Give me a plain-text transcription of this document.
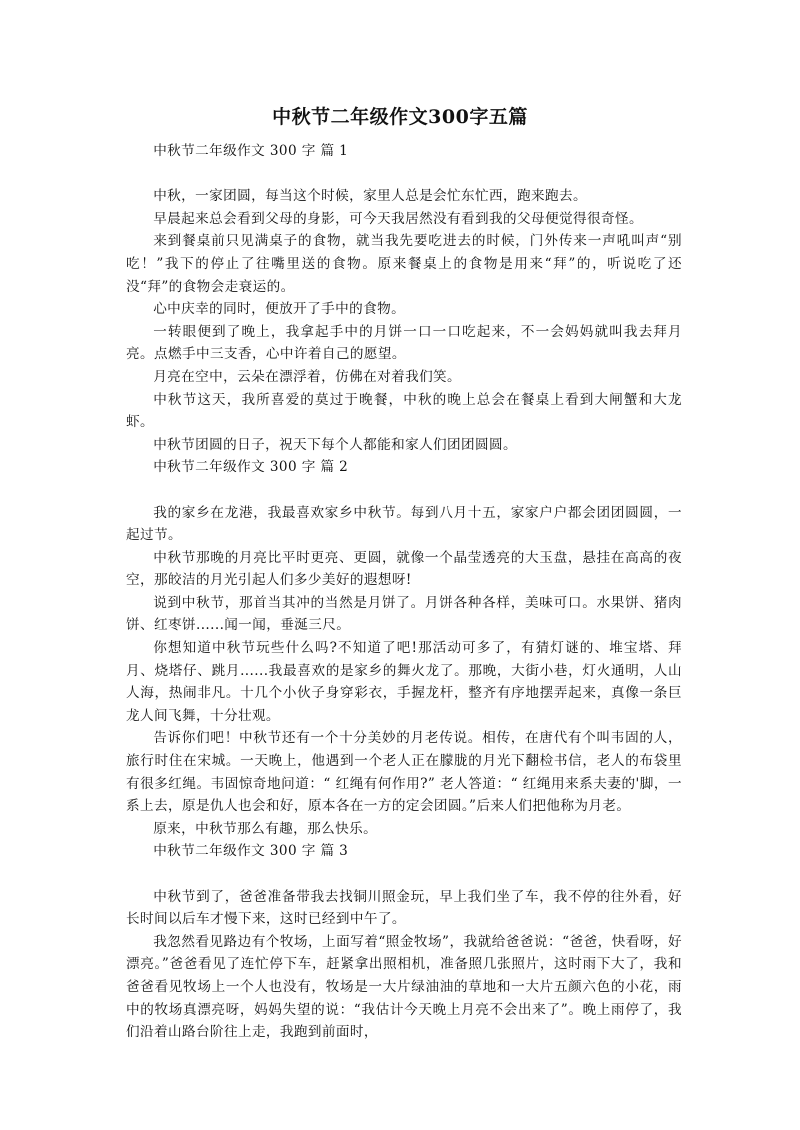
中秋节二年级作文300字五篇

中秋节二年级作文 300 字 篇 1

中秋，一家团圆，每当这个时候，家里人总是会忙东忙西，跑来跑去。

早晨起来总会看到父母的身影，可今天我居然没有看到我的父母便觉得很奇怪。

来到餐桌前只见满桌子的食物，就当我先要吃进去的时候，门外传来一声吼叫声“别吃！”我下的停止了往嘴里送的食物。原来餐桌上的食物是用来“拜”的，听说吃了还没“拜”的食物会走衰运的。

心中庆幸的同时，便放开了手中的食物。

一转眼便到了晚上，我拿起手中的月饼一口一口吃起来，不一会妈妈就叫我去拜月亮。点燃手中三支香，心中许着自己的愿望。

月亮在空中，云朵在漂浮着，仿佛在对着我们笑。

中秋节这天，我所喜爱的莫过于晚餐，中秋的晚上总会在餐桌上看到大闸蟹和大龙虾。

中秋节团圆的日子，祝天下每个人都能和家人们团团圆圆。

中秋节二年级作文 300 字 篇 2

我的家乡在龙港，我最喜欢家乡中秋节。每到八月十五，家家户户都会团团圆圆，一起过节。

中秋节那晚的月亮比平时更亮、更圆，就像一个晶莹透亮的大玉盘，悬挂在高高的夜空，那皎洁的月光引起人们多少美好的遐想呀!

说到中秋节，那首当其冲的当然是月饼了。月饼各种各样，美味可口。水果饼、猪肉饼、红枣饼......闻一闻，垂涎三尺。

你想知道中秋节玩些什么吗?不知道了吧!那活动可多了，有猜灯谜的、堆宝塔、拜月、烧塔仔、跳月......我最喜欢的是家乡的舞火龙了。那晚，大街小巷，灯火通明，人山人海，热闹非凡。十几个小伙子身穿彩衣，手握龙杆，整齐有序地摆弄起来，真像一条巨龙人间飞舞，十分壮观。

告诉你们吧！中秋节还有一个十分美妙的月老传说。相传，在唐代有个叫韦固的人，旅行时住在宋城。一天晚上，他遇到一个老人正在朦胧的月光下翻检书信，老人的布袋里有很多红绳。韦固惊奇地问道：“ 红绳有何作用?” 老人答道：“ 红绳用来系夫妻的'脚，一系上去，原是仇人也会和好，原本各在一方的定会团圆。”后来人们把他称为月老。

原来，中秋节那么有趣，那么快乐。

中秋节二年级作文 300 字 篇 3

中秋节到了，爸爸准备带我去找铜川照金玩，早上我们坐了车，我不停的往外看，好长时间以后车才慢下来，这时已经到中午了。

我忽然看见路边有个牧场，上面写着“照金牧场”，我就给爸爸说：“爸爸，快看呀，好漂亮。”爸爸看见了连忙停下车，赶紧拿出照相机，准备照几张照片，这时雨下大了，我和爸爸看见牧场上一个人也没有，牧场是一大片绿油油的草地和一大片五颜六色的小花，雨中的牧场真漂亮呀，妈妈失望的说：“我估计今天晚上月亮不会出来了”。晚上雨停了，我们沿着山路台阶往上走，我跑到前面时，
